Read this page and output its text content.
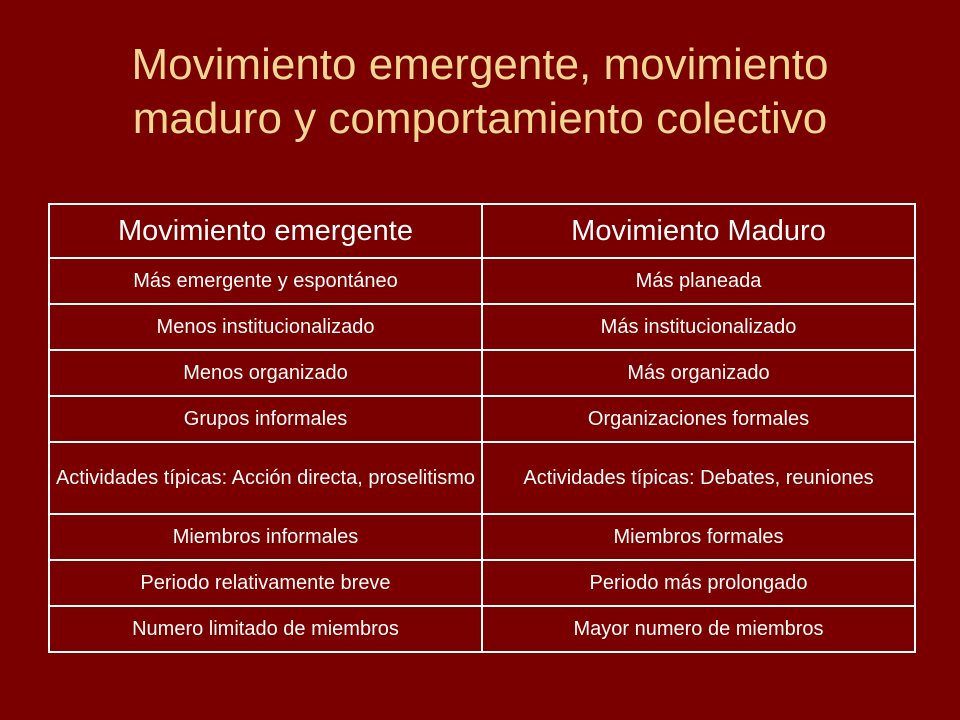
Movimiento emergente, movimiento
maduro y comportamiento colectivo
Movimiento emergente	Movimiento Maduro
Más emergente y espontáneo	Más planeada
Menos institucionalizado	Más institucionalizado
Menos organizado	Más organizado
Grupos informales	Organizaciones formales
Actividades típicas: Acción directa, proselitismo	Actividades típicas: Debates, reuniones
Miembros informales	Miembros formales
Periodo relativamente breve	Periodo más prolongado
Numero limitado de miembros	Mayor numero de miembros
